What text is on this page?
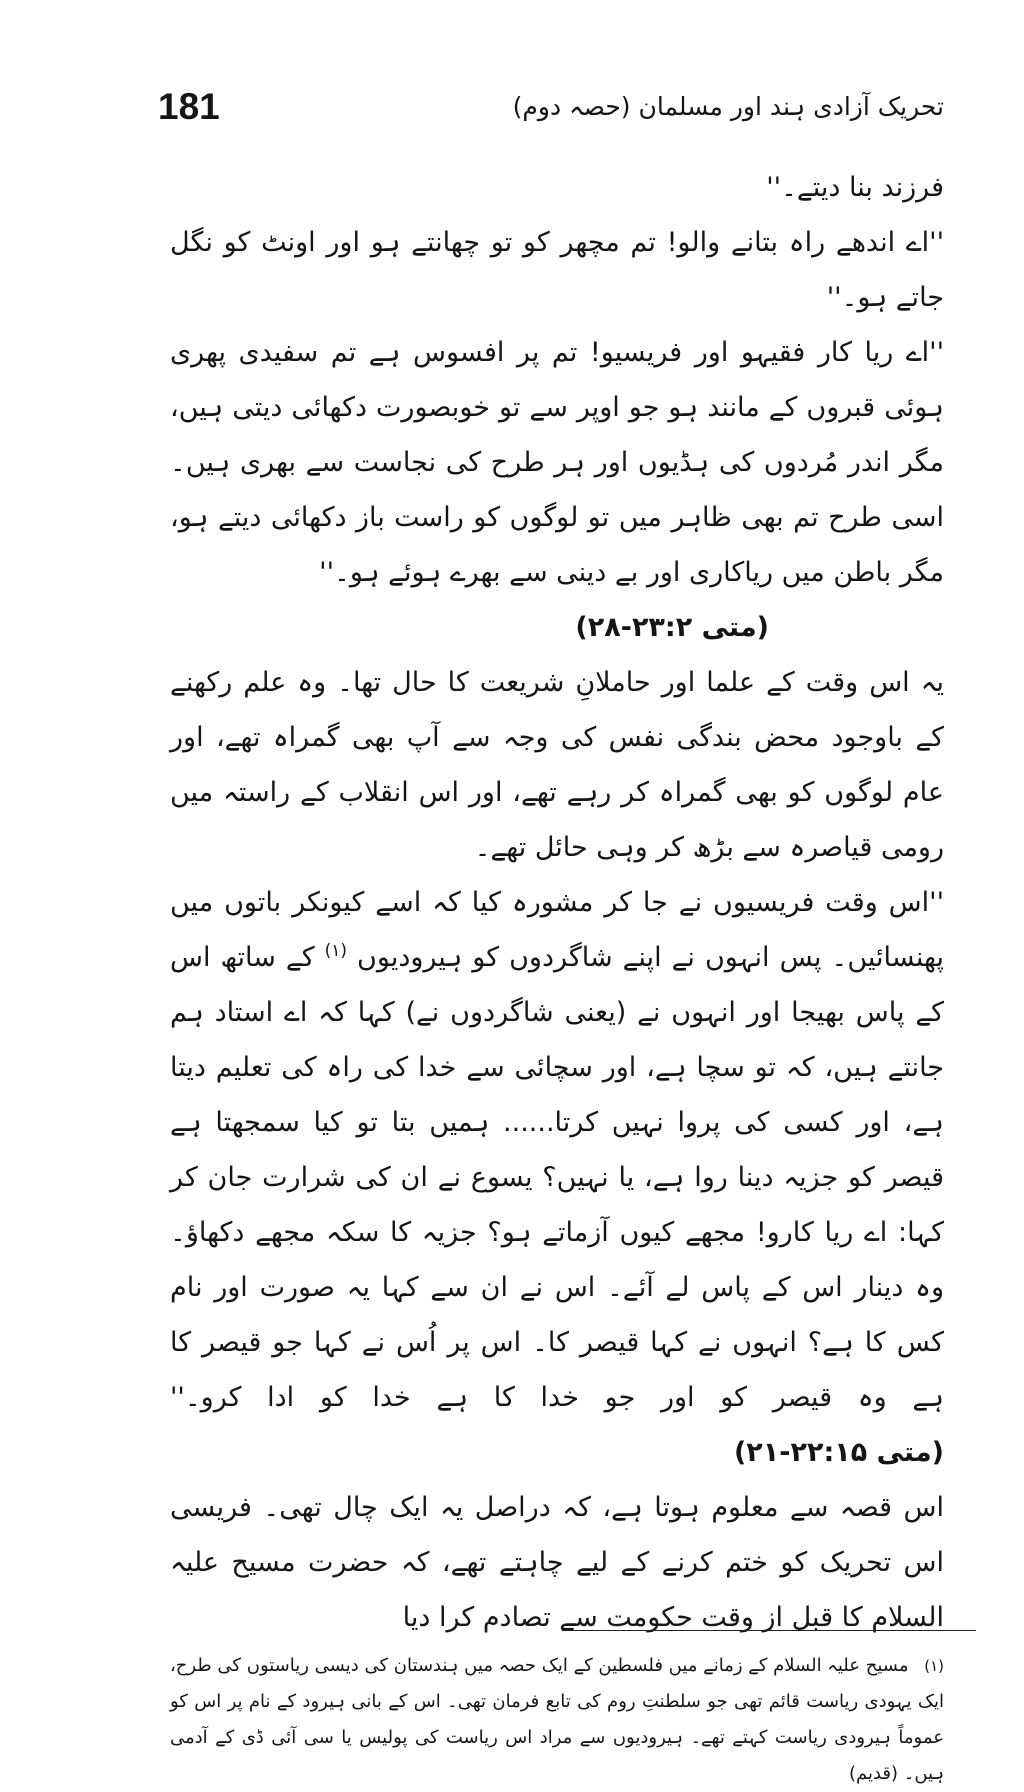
181	تحریک آزادی ہند اور مسلمان (حصہ دوم)

فرزند بنا دیتے۔''

''اے اندھے راہ بتانے والو! تم مچھر کو تو چھانتے ہو اور اونٹ کو نگل جاتے ہو۔''

''اے ریا کار فقیہو اور فریسیو! تم پر افسوس ہے تم سفیدی پھری ہوئی قبروں کے مانند ہو جو اوپر سے تو خوبصورت دکھائی دیتی ہیں، مگر اندر مُردوں کی ہڈیوں اور ہر طرح کی نجاست سے بھری ہیں۔ اسی طرح تم بھی ظاہر میں تو لوگوں کو راست باز دکھائی دیتے ہو، مگر باطن میں ریاکاری اور بے دینی سے بھرے ہوئے ہو۔''

(متی ۲۳:۲-۲۸)

یہ اس وقت کے علما اور حاملانِ شریعت کا حال تھا۔ وہ علم رکھنے کے باوجود محض بندگی نفس کی وجہ سے آپ بھی گمراہ تھے، اور عام لوگوں کو بھی گمراہ کر رہے تھے، اور اس انقلاب کے راستہ میں رومی قیاصرہ سے بڑھ کر وہی حائل تھے۔

''اس وقت فریسیوں نے جا کر مشورہ کیا کہ اسے کیونکر باتوں میں پھنسائیں۔ پس انہوں نے اپنے شاگردوں کو ہیرودیوں $^{(۱)}$ کے ساتھ اس کے پاس بھیجا اور انہوں نے (یعنی شاگردوں نے) کہا کہ اے استاد ہم جانتے ہیں، کہ تو سچا ہے، اور سچائی سے خدا کی راہ کی تعلیم دیتا ہے، اور کسی کی پروا نہیں کرتا...... ہمیں بتا تو کیا سمجھتا ہے قیصر کو جزیہ دینا روا ہے، یا نہیں؟ یسوع نے ان کی شرارت جان کر کہا: اے ریا کارو! مجھے کیوں آزماتے ہو؟ جزیہ کا سکہ مجھے دکھاؤ۔ وہ دینار اس کے پاس لے آئے۔ اس نے ان سے کہا یہ صورت اور نام کس کا ہے؟ انہوں نے کہا قیصر کا۔ اس پر اُس نے کہا جو قیصر کا ہے وہ قیصر کو اور جو خدا کا ہے خدا کو ادا کرو۔'' (متی ۲۲:۱۵-۲۱)

اس قصہ سے معلوم ہوتا ہے، کہ دراصل یہ ایک چال تھی۔ فریسی اس تحریک کو ختم کرنے کے لیے چاہتے تھے، کہ حضرت مسیح علیہ السلام کا قبل از وقت حکومت سے تصادم کرا دیا

(۱) مسیح علیہ السلام کے زمانے میں فلسطین کے ایک حصہ میں ہندستان کی دیسی ریاستوں کی طرح، ایک یہودی ریاست قائم تھی جو سلطنتِ روم کی تابع فرمان تھی۔ اس کے بانی ہیرود کے نام پر اس کو عموماً ہیرودی ریاست کہتے تھے۔ ہیرودیوں سے مراد اس ریاست کی پولیس یا سی آئی ڈی کے آدمی ہیں۔ (قدیم)
